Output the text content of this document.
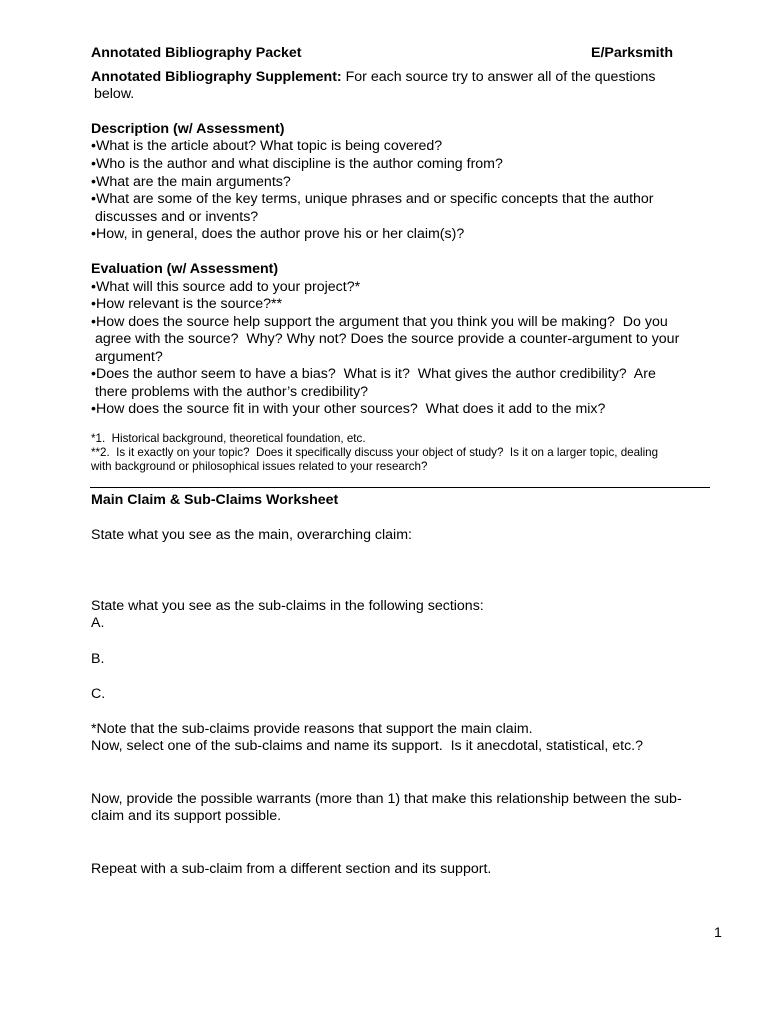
Annotated Bibliography Packet	E/Parksmith
Annotated Bibliography Supplement: For each source try to answer all of the questions
below.
Description (w/ Assessment)
•What is the article about? What topic is being covered?
•Who is the author and what discipline is the author coming from?
•What are the main arguments?
•What are some of the key terms, unique phrases and or specific concepts that the author
discusses and or invents?
•How, in general, does the author prove his or her claim(s)?
Evaluation (w/ Assessment)
•What will this source add to your project?*
•How relevant is the source?**
•How does the source help support the argument that you think you will be making?  Do you
agree with the source?  Why? Why not? Does the source provide a counter-argument to your
argument?
•Does the author seem to have a bias?  What is it?  What gives the author credibility?  Are
there problems with the author’s credibility?
•How does the source fit in with your other sources?  What does it add to the mix?
*1.  Historical background, theoretical foundation, etc.
**2.  Is it exactly on your topic?  Does it specifically discuss your object of study?  Is it on a larger topic, dealing
with background or philosophical issues related to your research?
Main Claim & Sub-Claims Worksheet
State what you see as the main, overarching claim:
State what you see as the sub-claims in the following sections:
A.
B.
C.
*Note that the sub-claims provide reasons that support the main claim.
Now, select one of the sub-claims and name its support.  Is it anecdotal, statistical, etc.?
Now, provide the possible warrants (more than 1) that make this relationship between the sub-
claim and its support possible.
Repeat with a sub-claim from a different section and its support.
1
